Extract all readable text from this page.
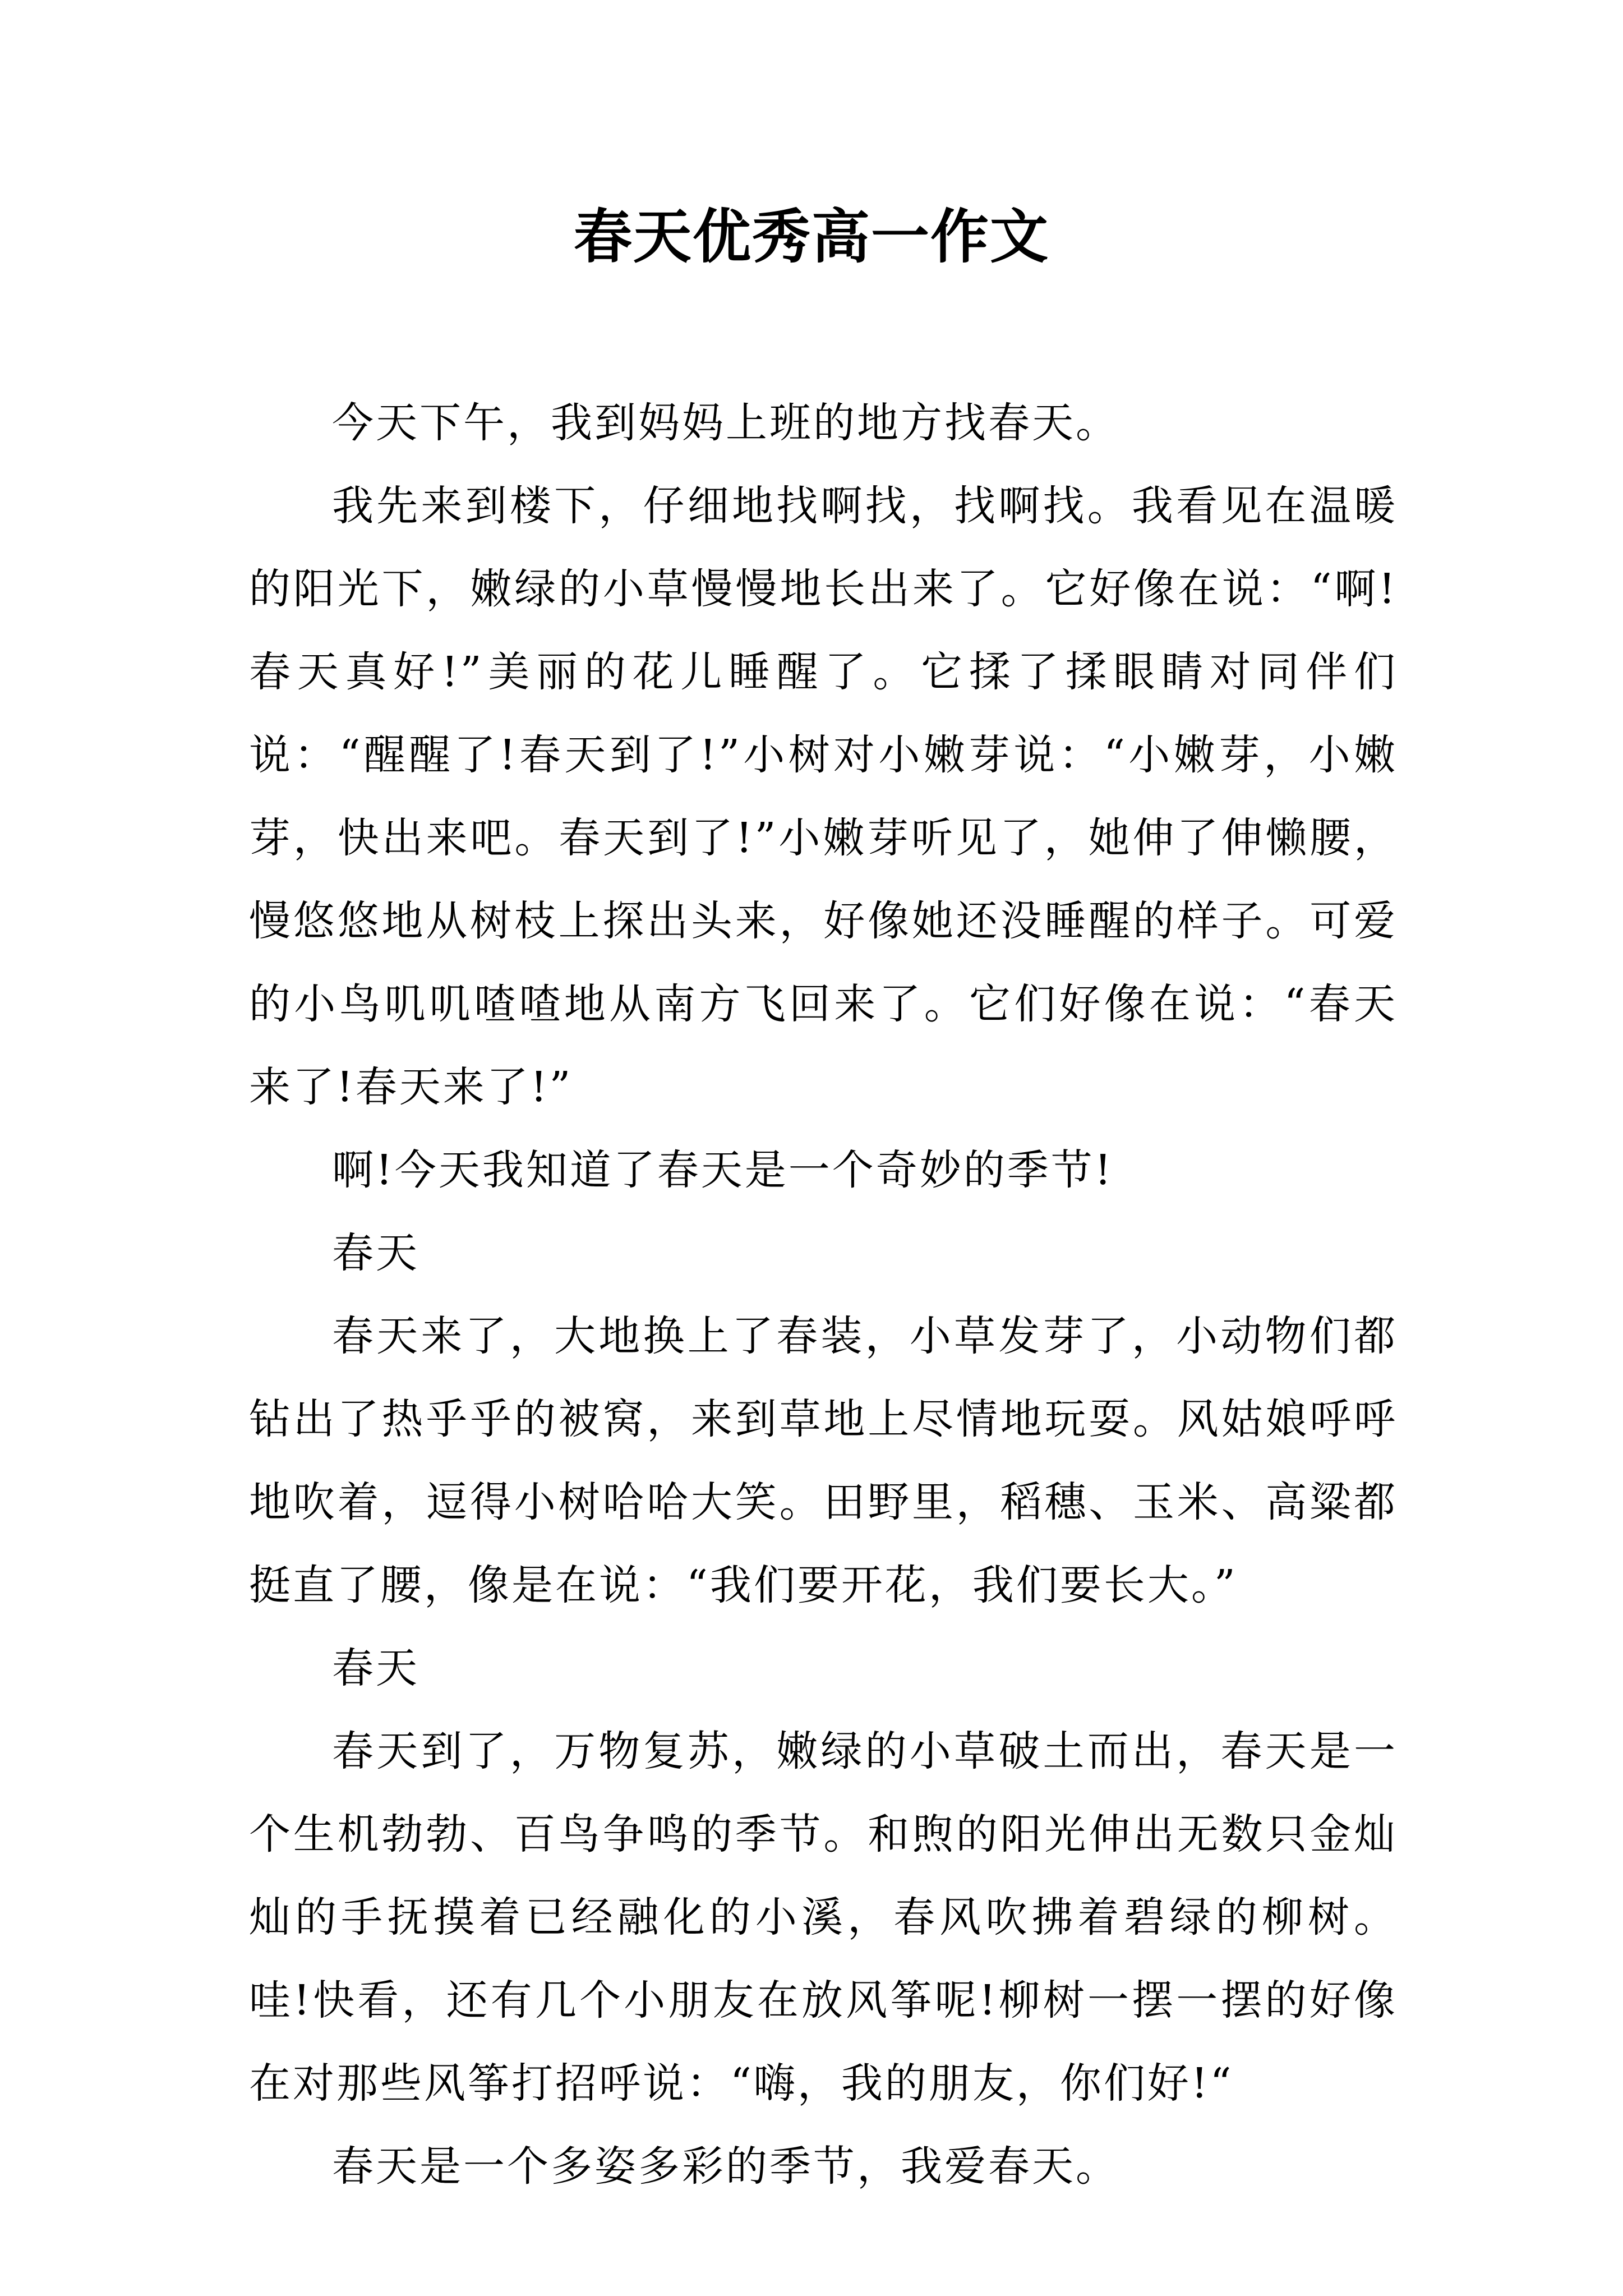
春天优秀高一作文

今天下午，我到妈妈上班的地方找春天。

我先来到楼下，仔细地找啊找，找啊找。我看见在温暖的阳光下，嫩绿的小草慢慢地长出来了。它好像在说：“啊!春天真好!”美丽的花儿睡醒了。它揉了揉眼睛对同伴们说：“醒醒了!春天到了!”小树对小嫩芽说：“小嫩芽，小嫩芽，快出来吧。春天到了!”小嫩芽听见了，她伸了伸懒腰，慢悠悠地从树枝上探出头来，好像她还没睡醒的样子。可爱的小鸟叽叽喳喳地从南方飞回来了。它们好像在说：“春天来了!春天来了!”

啊!今天我知道了春天是一个奇妙的季节!

春天

春天来了，大地换上了春装，小草发芽了，小动物们都钻出了热乎乎的被窝，来到草地上尽情地玩耍。风姑娘呼呼地吹着，逗得小树哈哈大笑。田野里，稻穗、玉米、高粱都挺直了腰，像是在说：“我们要开花，我们要长大。”

春天

春天到了，万物复苏，嫩绿的小草破土而出，春天是一个生机勃勃、百鸟争鸣的季节。和煦的阳光伸出无数只金灿灿的手抚摸着已经融化的小溪，春风吹拂着碧绿的柳树。哇!快看，还有几个小朋友在放风筝呢!柳树一摆一摆的好像在对那些风筝打招呼说：“嗨，我的朋友，你们好!“

春天是一个多姿多彩的季节，我爱春天。
